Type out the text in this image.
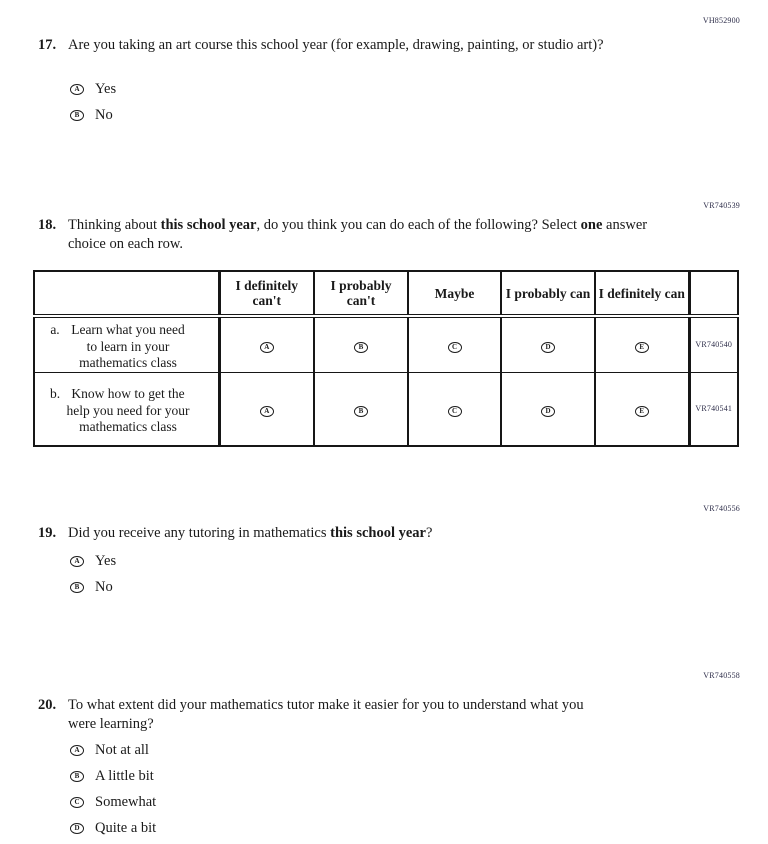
VH852900
17. Are you taking an art course this school year (for example, drawing, painting, or studio art)?
A Yes
B No
VR740539
18. Thinking about this school year, do you think you can do each of the following? Select one answer choice on each row.
	I definitely can't	I probably can't	Maybe	I probably can	I definitely can	

a. Learn what you need to learn in your mathematics class	A	B	C	D	E	VR740540

b. Know how to get the help you need for your mathematics class	A	B	C	D	E	VR740541
VR740556
19. Did you receive any tutoring in mathematics this school year?
A Yes
B No
VR740558
20. To what extent did your mathematics tutor make it easier for you to understand what you were learning?
A Not at all
B A little bit
C Somewhat
D Quite a bit
